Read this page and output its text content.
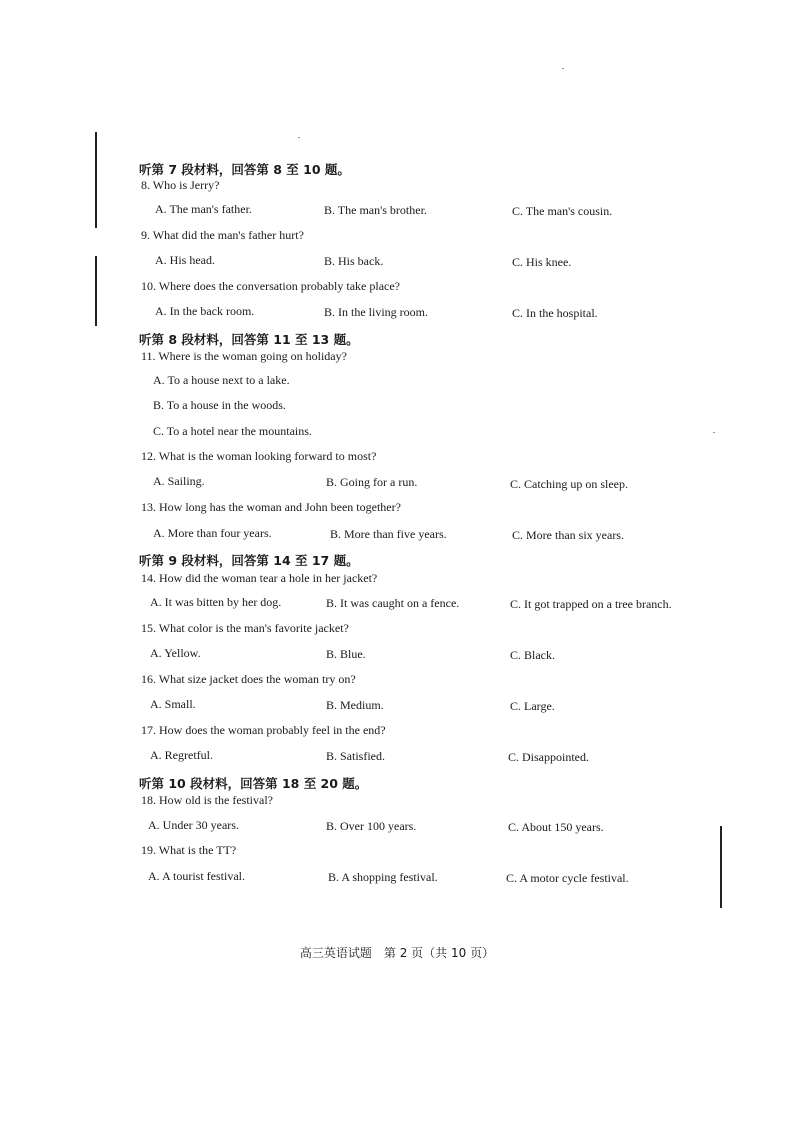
听第 7 段材料，回答第 8 至 10 题。
8. Who is Jerry?
A. The man's father.	B. The man's brother.	C. The man's cousin.
9. What did the man's father hurt?
A. His head.	B. His back.	C. His knee.
10. Where does the conversation probably take place?
A. In the back room.	B. In the living room.	C. In the hospital.
听第 8 段材料，回答第 11 至 13 题。
11. Where is the woman going on holiday?
A. To a house next to a lake.
B. To a house in the woods.
C. To a hotel near the mountains.
12. What is the woman looking forward to most?
A. Sailing.	B. Going for a run.	C. Catching up on sleep.
13. How long has the woman and John been together?
A. More than four years.	B. More than five years.	C. More than six years.
听第 9 段材料，回答第 14 至 17 题。
14. How did the woman tear a hole in her jacket?
A. It was bitten by her dog.	B. It was caught on a fence.	C. It got trapped on a tree branch.
15. What color is the man's favorite jacket?
A. Yellow.	B. Blue.	C. Black.
16. What size jacket does the woman try on?
A. Small.	B. Medium.	C. Large.
17. How does the woman probably feel in the end?
A. Regretful.	B. Satisfied.	C. Disappointed.
听第 10 段材料，回答第 18 至 20 题。
18. How old is the festival?
A. Under 30 years.	B. Over 100 years.	C. About 150 years.
19. What is the TT?
A. A tourist festival.	B. A shopping festival.	C. A motor cycle festival.
高三英语试题　第 2 页（共 10 页）
